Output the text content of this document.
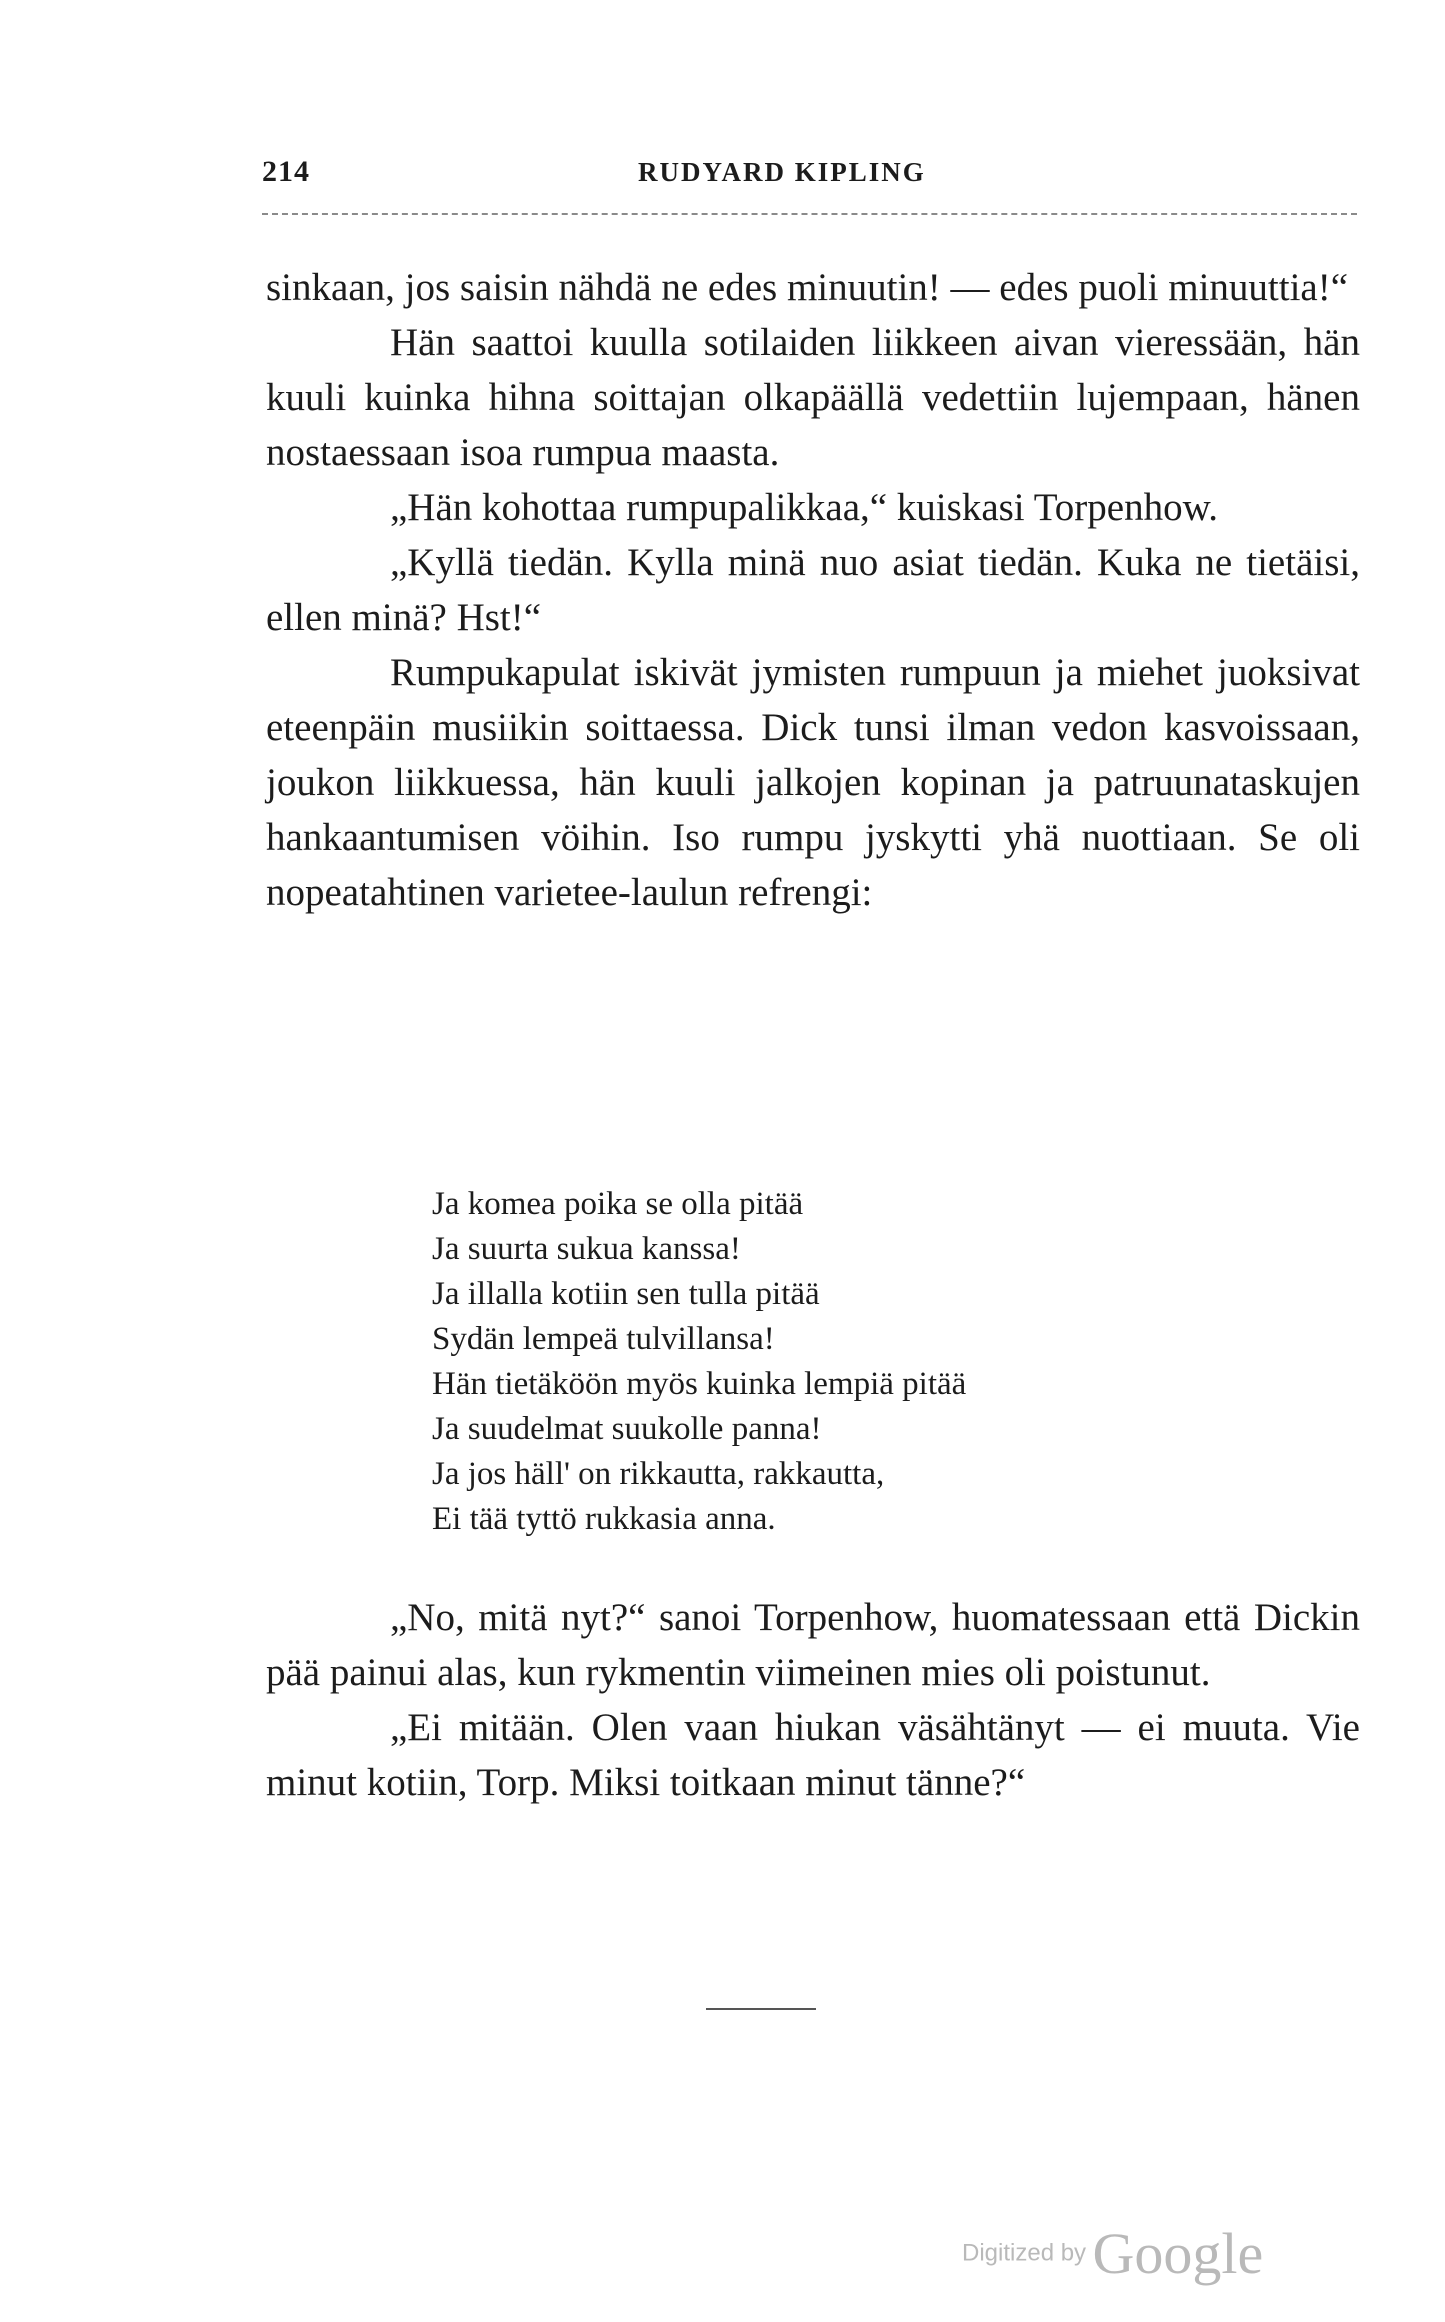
214	RUDYARD KIPLING

sinkaan, jos saisin nähdä ne edes minuutin! — edes puoli minuuttia!“

Hän saattoi kuulla sotilaiden liikkeen aivan vieressään, hän kuuli kuinka hihna soittajan olkapäällä vedettiin lujempaan, hänen nostaessaan isoa rumpua maasta.

„Hän kohottaa rumpupalikkaa,“ kuiskasi Torpenhow.

„Kyllä tiedän. Kylla minä nuo asiat tiedän. Kuka ne tietäisi, ellen minä? Hst!“

Rumpukapulat iskivät jymisten rumpuun ja miehet juoksivat eteenpäin musiikin soittaessa. Dick tunsi ilman vedon kasvoissaan, joukon liikkuessa, hän kuuli jalkojen kopinan ja patruunataskujen hankaantumisen vöihin. Iso rumpu jyskytti yhä nuottiaan. Se oli nopeatahtinen varietee-laulun refrengi:

Ja komea poika se olla pitää
Ja suurta sukua kanssa!
Ja illalla kotiin sen tulla pitää
Sydän lempeä tulvillansa!
Hän tietäköön myös kuinka lempiä pitää
Ja suudelmat suukolle panna!
Ja jos häll' on rikkautta, rakkautta,
Ei tää tyttö rukkasia anna.

„No, mitä nyt?“ sanoi Torpenhow, huomatessaan että Dickin pää painui alas, kun rykmentin viimeinen mies oli poistunut.

„Ei mitään. Olen vaan hiukan väsähtänyt — ei muuta. Vie minut kotiin, Torp. Miksi toitkaan minut tänne?“

Digitized by Google
